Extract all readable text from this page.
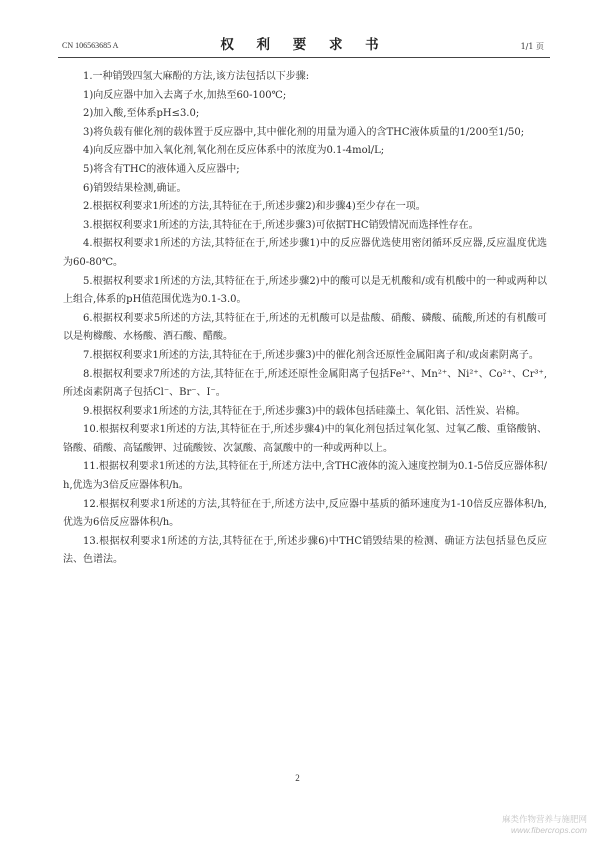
CN 106563685 A	权 利 要 求 书	1/1 页

1.一种销毁四氢大麻酚的方法,该方法包括以下步骤:

1)向反应器中加入去离子水,加热至60-100℃;

2)加入酸,至体系pH≤3.0;

3)将负载有催化剂的载体置于反应器中,其中催化剂的用量为通入的含THC液体质量的1/200至1/50;

4)向反应器中加入氧化剂,氧化剂在反应体系中的浓度为0.1-4mol/L;

5)将含有THC的液体通入反应器中;

6)销毁结果检测,确证。

2.根据权利要求1所述的方法,其特征在于,所述步骤2)和步骤4)至少存在一项。

3.根据权利要求1所述的方法,其特征在于,所述步骤3)可依据THC销毁情况而选择性存在。

4.根据权利要求1所述的方法,其特征在于,所述步骤1)中的反应器优选使用密闭循环反应器,反应温度优选为60-80℃。

5.根据权利要求1所述的方法,其特征在于,所述步骤2)中的酸可以是无机酸和/或有机酸中的一种或两种以上组合,体系的pH值范围优选为0.1-3.0。

6.根据权利要求5所述的方法,其特征在于,所述的无机酸可以是盐酸、硝酸、磷酸、硫酸,所述的有机酸可以是枸橼酸、水杨酸、酒石酸、醋酸。

7.根据权利要求1所述的方法,其特征在于,所述步骤3)中的催化剂含还原性金属阳离子和/或卤素阴离子。

8.根据权利要求7所述的方法,其特征在于,所述还原性金属阳离子包括Fe²⁺、Mn²⁺、Ni²⁺、Co²⁺、Cr³⁺,所述卤素阴离子包括Cl⁻、Br⁻、I⁻。

9.根据权利要求1所述的方法,其特征在于,所述步骤3)中的载体包括硅藻土、氧化铝、活性炭、岩棉。

10.根据权利要求1所述的方法,其特征在于,所述步骤4)中的氧化剂包括过氧化氢、过氧乙酸、重铬酸钠、铬酸、硝酸、高锰酸钾、过硫酸铵、次氯酸、高氯酸中的一种或两种以上。

11.根据权利要求1所述的方法,其特征在于,所述方法中,含THC液体的流入速度控制为0.1-5倍反应器体积/h,优选为3倍反应器体积/h。

12.根据权利要求1所述的方法,其特征在于,所述方法中,反应器中基质的循环速度为1-10倍反应器体积/h,优选为6倍反应器体积/h。

13.根据权利要求1所述的方法,其特征在于,所述步骤6)中THC销毁结果的检测、确证方法包括显色反应法、色谱法。

2
麻类作物营养与施肥网
www.fibercrops.com
